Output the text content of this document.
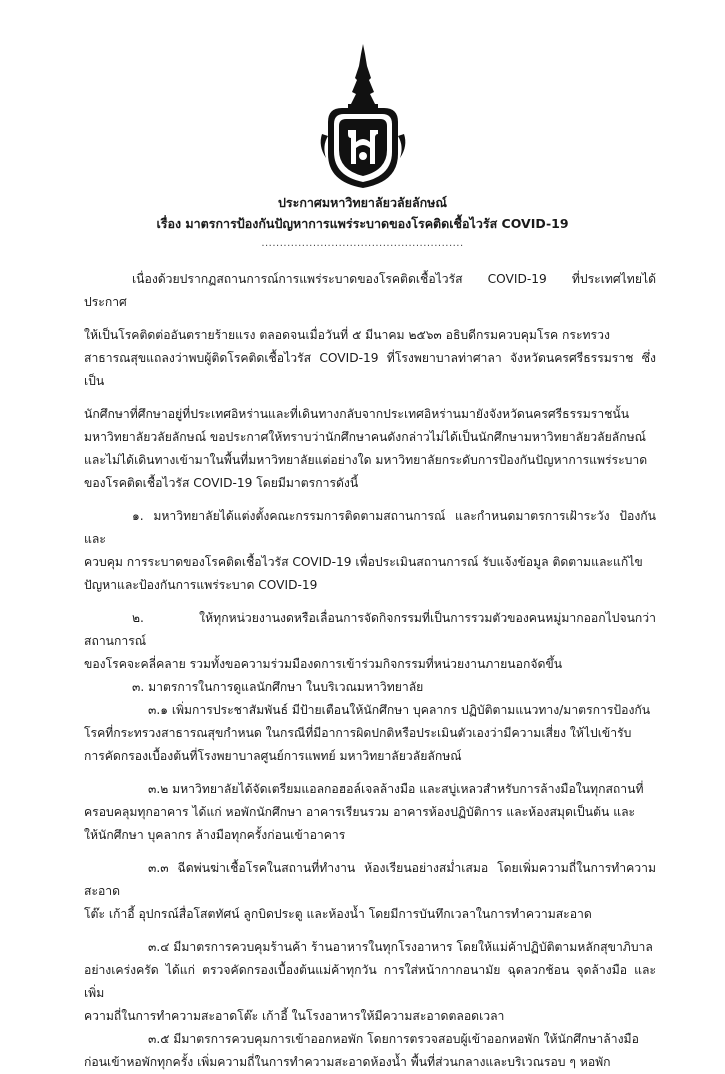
ประกาศมหาวิทยาลัยวลัยลักษณ์
เรื่อง มาตรการป้องกันปัญหาการแพร่ระบาดของโรคติดเชื้อไวรัส COVID-19
.......................................................

เนื่องด้วยปรากฏสถานการณ์การแพร่ระบาดของโรคติดเชื้อไวรัส COVID-19 ที่ประเทศไทยได้ประกาศ

ให้เป็นโรคติดต่ออันตรายร้ายแรง ตลอดจนเมื่อวันที่ ๕ มีนาคม ๒๕๖๓ อธิบดีกรมควบคุมโรค กระทรวง

สาธารณสุขแถลงว่าพบผู้ติดโรคติดเชื้อไวรัส COVID-19 ที่โรงพยาบาลท่าศาลา จังหวัดนครศรีธรรมราช ซึ่งเป็น

นักศึกษาที่ศึกษาอยู่ที่ประเทศอิหร่านและที่เดินทางกลับจากประเทศอิหร่านมายังจังหวัดนครศรีธรรมราชนั้น

มหาวิทยาลัยวลัยลักษณ์ ขอประกาศให้ทราบว่านักศึกษาคนดังกล่าวไม่ได้เป็นนักศึกษามหาวิทยาลัยวลัยลักษณ์

และไม่ได้เดินทางเข้ามาในพื้นที่มหาวิทยาลัยแต่อย่างใด มหาวิทยาลัยกระดับการป้องกันปัญหาการแพร่ระบาด

ของโรคติดเชื้อไวรัส COVID-19 โดยมีมาตรการดังนี้

๑. มหาวิทยาลัยได้แต่งตั้งคณะกรรมการติดตามสถานการณ์ และกำหนดมาตรการเฝ้าระวัง ป้องกัน และ

ควบคุม การระบาดของโรคติดเชื้อไวรัส COVID-19 เพื่อประเมินสถานการณ์ รับแจ้งข้อมูล ติดตามและแก้ไข

ปัญหาและป้องกันการแพร่ระบาด COVID-19

๒. ให้ทุกหน่วยงานงดหรือเลื่อนการจัดกิจกรรมที่เป็นการรวมตัวของคนหมู่มากออกไปจนกว่าสถานการณ์

ของโรคจะคลี่คลาย รวมทั้งขอความร่วมมืองดการเข้าร่วมกิจกรรมที่หน่วยงานภายนอกจัดขึ้น

๓. มาตรการในการดูแลนักศึกษา ในบริเวณมหาวิทยาลัย

๓.๑ เพิ่มการประชาสัมพันธ์ มีป้ายเตือนให้นักศึกษา บุคลากร ปฏิบัติตามแนวทาง/มาตรการป้องกัน

โรคที่กระทรวงสาธารณสุขกำหนด ในกรณีที่มีอาการผิดปกติหรือประเมินตัวเองว่ามีความเสี่ยง ให้ไปเข้ารับ

การคัดกรองเบื้องต้นที่โรงพยาบาลศูนย์การแพทย์ มหาวิทยาลัยวลัยลักษณ์

๓.๒ มหาวิทยาลัยได้จัดเตรียมแอลกอฮอล์เจลล้างมือ และสบู่เหลวสำหรับการล้างมือในทุกสถานที่

ครอบคลุมทุกอาคาร ได้แก่ หอพักนักศึกษา อาคารเรียนรวม อาคารห้องปฏิบัติการ และห้องสมุดเป็นต้น และ

ให้นักศึกษา บุคลากร ล้างมือทุกครั้งก่อนเข้าอาคาร

๓.๓ ฉีดพ่นฆ่าเชื้อโรคในสถานที่ทำงาน ห้องเรียนอย่างสม่ำเสมอ โดยเพิ่มความถี่ในการทำความสะอาด

โต๊ะ เก้าอี้ อุปกรณ์สื่อโสตทัศน์ ลูกบิดประตู และห้องน้ำ โดยมีการบันทึกเวลาในการทำความสะอาด

๓.๔ มีมาตรการควบคุมร้านค้า ร้านอาหารในทุกโรงอาหาร โดยให้แม่ค้าปฏิบัติตามหลักสุขาภิบาล

อย่างเคร่งครัด ได้แก่ ตรวจคัดกรองเบื้องต้นแม่ค้าทุกวัน การใส่หน้ากากอนามัย ฉุดลวกช้อน จุดล้างมือ และเพิ่ม

ความถี่ในการทำความสะอาดโต๊ะ เก้าอี้ ในโรงอาหารให้มีความสะอาดตลอดเวลา

๓.๕ มีมาตรการควบคุมการเข้าออกหอพัก โดยการตรวจสอบผู้เข้าออกหอพัก ให้นักศึกษาล้างมือ

ก่อนเข้าหอพักทุกครั้ง เพิ่มความถี่ในการทำความสะอาดห้องน้ำ พื้นที่ส่วนกลางและบริเวณรอบ ๆ หอพัก
